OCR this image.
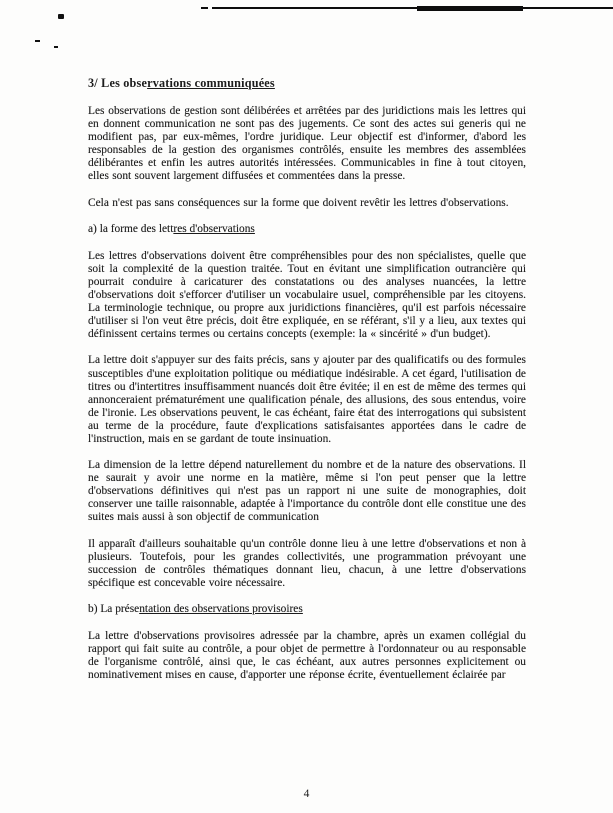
3/ Les observations communiquées

Les observations de gestion sont délibérées et arrêtées par des juridictions mais les lettres qui en donnent communication ne sont pas des jugements. Ce sont des actes sui generis qui ne modifient pas, par eux-mêmes, l'ordre juridique. Leur objectif est d'informer, d'abord les responsables de la gestion des organismes contrôlés, ensuite les membres des assemblées délibérantes et enfin les autres autorités intéressées. Communicables in fine à tout citoyen, elles sont souvent largement diffusées et commentées dans la presse.

Cela n'est pas sans conséquences sur la forme que doivent revêtir les lettres d'observations.

a) la forme des lettres d'observations

Les lettres d'observations doivent être compréhensibles pour des non spécialistes, quelle que soit la complexité de la question traitée. Tout en évitant une simplification outrancière qui pourrait conduire à caricaturer des constatations ou des analyses nuancées, la lettre d'observations doit s'efforcer d'utiliser un vocabulaire usuel, compréhensible par les citoyens. La terminologie technique, ou propre aux juridictions financières, qu'il est parfois nécessaire d'utiliser si l'on veut être précis, doit être expliquée, en se référant, s'il y a lieu, aux textes qui définissent certains termes ou certains concepts (exemple: la « sincérité » d'un budget).

La lettre doit s'appuyer sur des faits précis, sans y ajouter par des qualificatifs ou des formules susceptibles d'une exploitation politique ou médiatique indésirable. A cet égard, l'utilisation de titres ou d'intertitres insuffisamment nuancés doit être évitée; il en est de même des termes qui annonceraient prématurément une qualification pénale, des allusions, des sous entendus, voire de l'ironie. Les observations peuvent, le cas échéant, faire état des interrogations qui subsistent au terme de la procédure, faute d'explications satisfaisantes apportées dans le cadre de l'instruction, mais en se gardant de toute insinuation.

La dimension de la lettre dépend naturellement du nombre et de la nature des observations. Il ne saurait y avoir une norme en la matière, même si l'on peut penser que la lettre d'observations définitives qui n'est pas un rapport ni une suite de monographies, doit conserver une taille raisonnable, adaptée à l'importance du contrôle dont elle constitue une des suites mais aussi à son objectif de communication

Il apparaît d'ailleurs souhaitable qu'un contrôle donne lieu à une lettre d'observations et non à plusieurs. Toutefois, pour les grandes collectivités, une programmation prévoyant une succession de contrôles thématiques donnant lieu, chacun, à une lettre d'observations spécifique est concevable voire nécessaire.

b) La présentation des observations provisoires

La lettre d'observations provisoires adressée par la chambre, après un examen collégial du rapport qui fait suite au contrôle, a pour objet de permettre à l'ordonnateur ou au responsable de l'organisme contrôlé, ainsi que, le cas échéant, aux autres personnes explicitement ou nominativement mises en cause, d'apporter une réponse écrite, éventuellement éclairée par

4
